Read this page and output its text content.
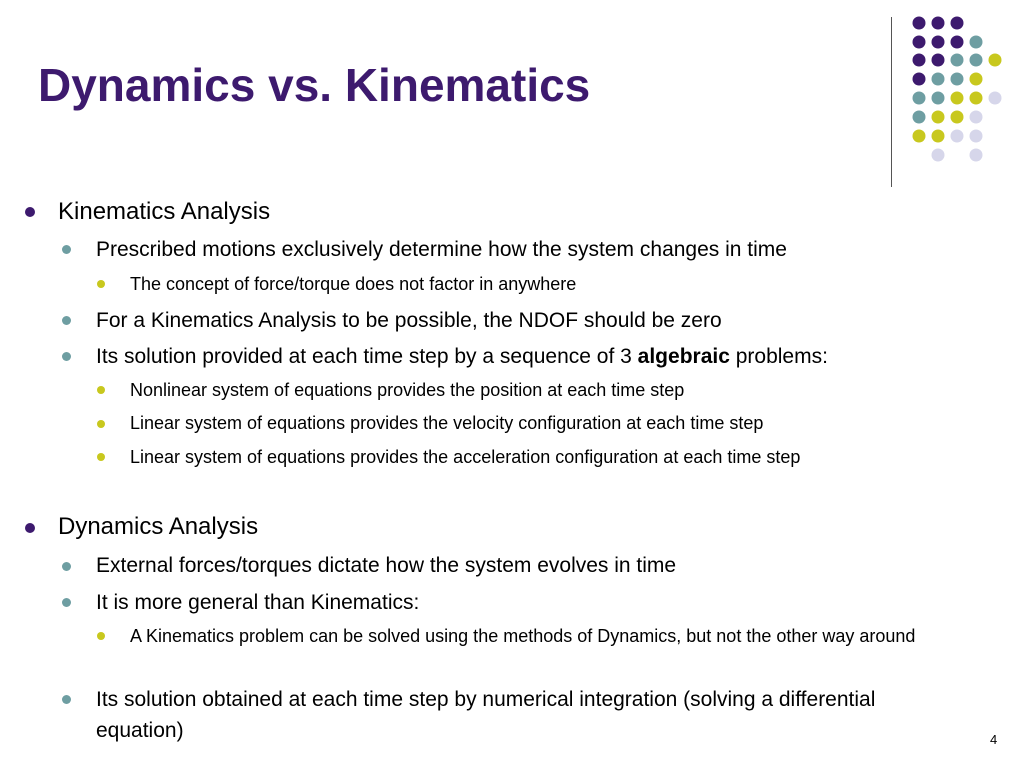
Dynamics vs. Kinematics
Kinematics Analysis
Prescribed motions exclusively determine how the system changes in time
The concept of force/torque does not factor in anywhere
For a Kinematics Analysis to be possible, the NDOF should be zero
Its solution provided at each time step by a sequence of 3 algebraic problems:
Nonlinear system of equations provides the position at each time step
Linear system of equations provides the velocity configuration at each time step
Linear system of equations provides the acceleration configuration at each time step
Dynamics Analysis
External forces/torques dictate how the system evolves in time
It is more general than Kinematics:
A Kinematics problem can be solved using the methods of Dynamics, but not the other way around
Its solution obtained at each time step by numerical integration (solving a differential equation)	4
